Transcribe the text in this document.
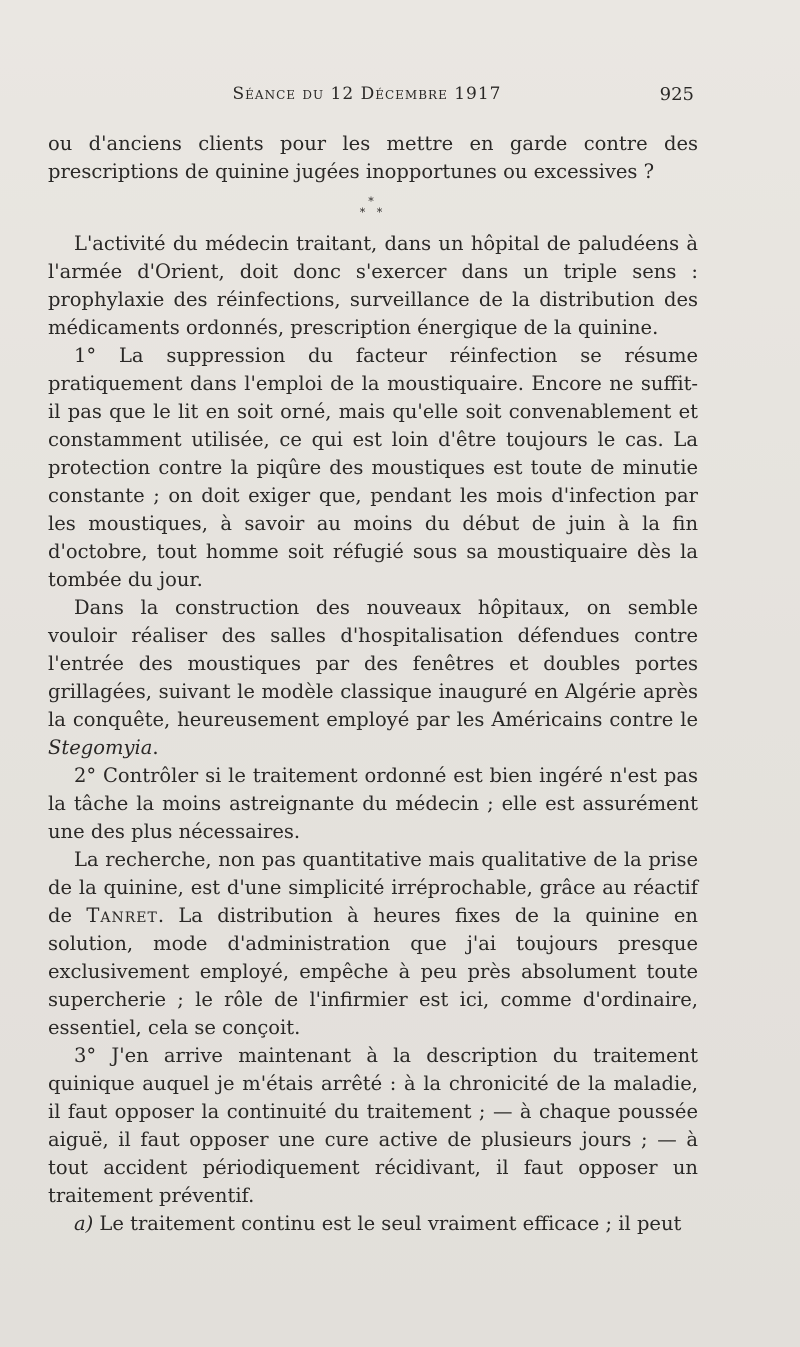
Séance du 12 Décembre 1917	925

ou d'anciens clients pour les mettre en garde contre des prescriptions de quinine jugées inopportunes ou excessives ?

*
* *

L'activité du médecin traitant, dans un hôpital de paludéens à l'armée d'Orient, doit donc s'exercer dans un triple sens : prophylaxie des réinfections, surveillance de la distribution des médicaments ordonnés, prescription énergique de la quinine.

1° La suppression du facteur réinfection se résume pratiquement dans l'emploi de la moustiquaire. Encore ne suffit-il pas que le lit en soit orné, mais qu'elle soit convenablement et constamment utilisée, ce qui est loin d'être toujours le cas. La protection contre la piqûre des moustiques est toute de minutie constante ; on doit exiger que, pendant les mois d'infection par les moustiques, à savoir au moins du début de juin à la fin d'octobre, tout homme soit réfugié sous sa moustiquaire dès la tombée du jour.

Dans la construction des nouveaux hôpitaux, on semble vouloir réaliser des salles d'hospitalisation défendues contre l'entrée des moustiques par des fenêtres et doubles portes grillagées, suivant le modèle classique inauguré en Algérie après la conquête, heureusement employé par les Américains contre le Stegomyia.

2° Contrôler si le traitement ordonné est bien ingéré n'est pas la tâche la moins astreignante du médecin ; elle est assurément une des plus nécessaires.

La recherche, non pas quantitative mais qualitative de la prise de la quinine, est d'une simplicité irréprochable, grâce au réactif de Tanret. La distribution à heures fixes de la quinine en solution, mode d'administration que j'ai toujours presque exclusivement employé, empêche à peu près absolument toute supercherie ; le rôle de l'infirmier est ici, comme d'ordinaire, essentiel, cela se conçoit.

3° J'en arrive maintenant à la description du traitement quinique auquel je m'étais arrêté : à la chronicité de la maladie, il faut opposer la continuité du traitement ; — à chaque poussée aiguë, il faut opposer une cure active de plusieurs jours ; — à tout accident périodiquement récidivant, il faut opposer un traitement préventif.

a) Le traitement continu est le seul vraiment efficace ; il peut
